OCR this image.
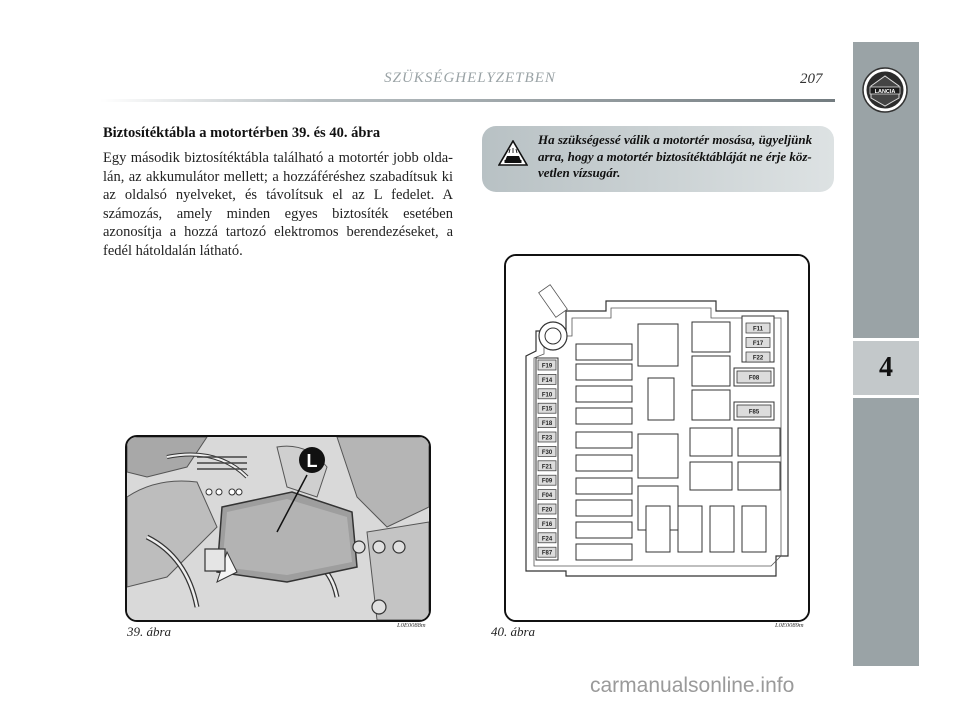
4
LANCIA
SZÜKSÉGHELYZETBEN	207
Biztosítéktábla a motortérben 39. és 40. ábra
Egy második biztosítéktábla található a motortér jobb olda-lán, az akkumulátor mellett; a hozzáféréshez szabadítsuk ki az oldalsó nyelveket, és távolítsuk el az L fedelet. A számozás, amely minden egyes biztosíték esetében azonosítja a hozzá tartozó elektromos berendezéseket, a fedél hátoldalán látható.
Ha szükségessé válik a motortér mosása, ügyeljünk arra, hogy a motortér biztosítéktábláját ne érje köz-vetlen vízsugár.
L
39. ábra	L0E0088m
F19
F14
F10
F15
F18
F23
F30
F21
F09
F04
F20
F16
F24
F87
F11
F17
F22
F08
F85
40. ábra	L0E0089m
carmanualsonline.info
